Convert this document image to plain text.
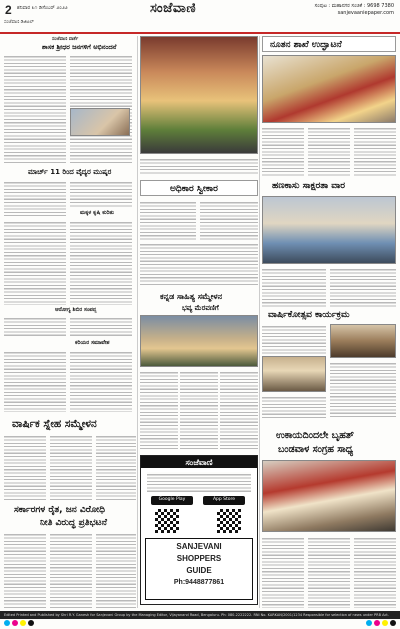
2 ಶನಿವಾರ ೩೧ ಡಿಸೆಂಬರ್ ೨೦೨೨	ಸಂಜೆವಾಣಿ	ಸಂಪುಟ : ಮಹಾನಗರ ಸಂಚಿಕೆ : 9698 7380
sanjevaaniepaper.com
ಸಂಜೆವಾಣಿ ಡಿಜಿಟಲ್
ಸಂಜೆವಾಣಿ ವಾರ್ತೆ
ಶಾಸಕ ಶ್ರೀಧರ ಜನಗಳಿಗೆ ಅಭಿನಂದನೆ
ಮಾರ್ಚ್ 11 ರಿಂದ ವೈದ್ಯರ ಮುಷ್ಕರ
ಮಕ್ಕಳ ಕೃಷಿ ಕುರಿತು
ಆರೋಗ್ಯ ಶಿಬಿರ ಸಂಪನ್ನ
ಕರಿಯರ ಸಮಾವೇಶ
ವಾರ್ಷಿಕ ಸ್ನೇಹ ಸಮ್ಮೇಳನ
ಸರ್ಕಾರಗಳ ರೈತ, ಜನ ವಿರೋಧಿ
ನೀತಿ ವಿರುದ್ಧ ಪ್ರತಿಭಟನೆ
ನೂತನ ಶಾಖೆ ಉದ್ಘಾಟನೆ
ಅಧಿಕಾರ ಸ್ವೀಕಾರ	ಹಣಕಾಸು ಸಾಕ್ಷರತಾ ವಾರ
ಕನ್ನಡ ಸಾಹಿತ್ಯ ಸಮ್ಮೇಳನ
ಭವ್ಯ ಮೆರವಣಿಗೆ
ವಾರ್ಷಿಕೋತ್ಸವ ಕಾರ್ಯಕ್ರಮ
ಸಂಜೆವಾಣಿ
Google Play	App Store
SANJEVANI
SHOPPERS
GUIDE
Ph:9448877861
ಉಕಾಯದಿಂದಲೇ ಬೃಹತ್
ಬಂಡವಾಳ ಸಂಗ್ರಹ ಸಾಧ್ಯ
Edited Printed and Published by Shri R.Y. Ganesh for Sanjevani Group by the Managing Editor, Vijayanand Road, Bengaluru. Ph: 080-2222222. RNI No. KARKAN/2001/1234 Responsible for selection of news under PRB Act.
